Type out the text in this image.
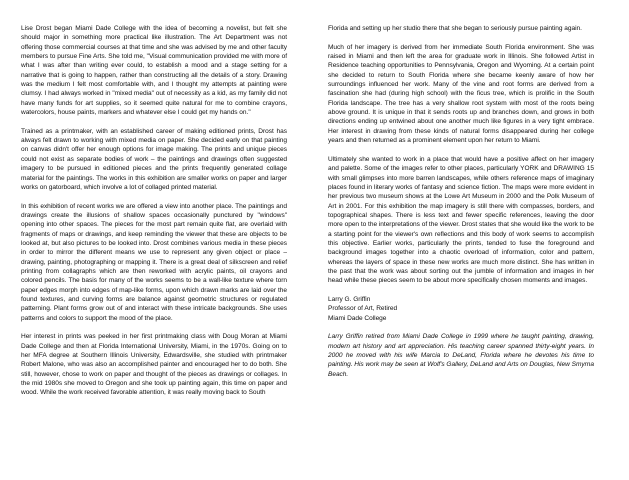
Lise Drost began Miami Dade College with the idea of becoming a novelist, but felt she should major in something more practical like illustration. The Art Department was not offering those commercial courses at that time and she was advised by me and other faculty members to pursue Fine Arts. She told me, "Visual communication provided me with more of what I was after than writing ever could, to establish a mood and a stage setting for a narrative that is going to happen, rather than constructing all the details of a story. Drawing was the medium I felt most comfortable with, and I thought my attempts at painting were clumsy. I had always worked in "mixed media" out of necessity as a kid, as my family did not have many funds for art supplies, so it seemed quite natural for me to combine crayons, watercolors, house paints, markers and whatever else I could get my hands on."

Trained as a printmaker, with an established career of making editioned prints, Drost has always felt drawn to working with mixed media on paper. She decided early on that painting on canvas didn't offer her enough options for image making. The prints and unique pieces could not exist as separate bodies of work – the paintings and drawings often suggested imagery to be pursued in editioned pieces and the prints frequently generated collage material for the paintings. The works in this exhibition are smaller works on paper and larger works on gatorboard, which involve a lot of collaged printed material.

In this exhibition of recent works we are offered a view into another place. The paintings and drawings create the illusions of shallow spaces occasionally punctured by "windows" opening into other spaces. The pieces for the most part remain quite flat, are overlaid with fragments of maps or drawings, and keep reminding the viewer that these are objects to be looked at, but also pictures to be looked into. Drost combines various media in these pieces in order to mirror the different means we use to represent any given object or place – drawing, painting, photographing or mapping it. There is a great deal of silkscreen and relief printing from collagraphs which are then reworked with acrylic paints, oil crayons and colored pencils. The basis for many of the works seems to be a wall-like texture where torn paper edges morph into edges of map-like forms, upon which drawn marks are laid over the found textures, and curving forms are balance against geometric structures or regulated patterning. Plant forms grow out of and interact with these intricate backgrounds. She uses patterns and colors to support the mood of the place.

Her interest in prints was peeked in her first printmaking class with Doug Moran at Miami Dade College and then at Florida International University, Miami, in the 1970s. Going on to her MFA degree at Southern Illinois University, Edwardsville, she studied with printmaker Robert Malone, who was also an accomplished painter and encouraged her to do both. She still, however, chose to work on paper and thought of the pieces as drawings or collages. In the mid 1980s she moved to Oregon and she took up painting again, this time on paper and wood. While the work received favorable attention, it was really moving back to South

Florida and setting up her studio there that she began to seriously pursue painting again.

Much of her imagery is derived from her immediate South Florida environment. She was raised in Miami and then left the area for graduate work in Illinois. She followed Artist in Residence teaching opportunities to Pennsylvania, Oregon and Wyoming. At a certain point she decided to return to South Florida where she became keenly aware of how her surroundings influenced her work. Many of the vine and root forms are derived from a fascination she had (during high school) with the ficus tree, which is prolific in the South Florida landscape. The tree has a very shallow root system with most of the roots being above ground. It is unique in that it sends roots up and branches down, and grows in both directions ending up entwined about one another much like figures in a very tight embrace. Her interest in drawing from these kinds of natural forms disappeared during her college years and then returned as a prominent element upon her return to Miami.

Ultimately she wanted to work in a place that would have a positive affect on her imagery and palette. Some of the images refer to other places, particularly YORK and DRAWING 15 with small glimpses into more barren landscapes, while others reference maps of imaginary places found in literary works of fantasy and science fiction. The maps were more evident in her previous two museum shows at the Lowe Art Museum in 2000 and the Polk Museum of Art in 2001. For this exhibition the map imagery is still there with compasses, borders, and topographical shapes. There is less text and fewer specific references, leaving the door more open to the interpretations of the viewer. Drost states that she would like the work to be a starting point for the viewer's own reflections and this body of work seems to accomplish this objective. Earlier works, particularly the prints, tended to fuse the foreground and background images together into a chaotic overload of information, color and pattern, whereas the layers of space in these new works are much more distinct. She has written in the past that the work was about sorting out the jumble of information and images in her head while these pieces seem to be about more specifically chosen moments and images.

Larry G. Griffin
Professor of Art, Retired
Miami Dade College

Larry Griffin retired from Miami Dade College in 1999 where he taught painting, drawing, modern art history and art appreciation. His teaching career spanned thirty-eight years. In 2000 he moved with his wife Marcia to DeLand, Florida where he devotes his time to painting. His work may be seen at Wolf's Gallery, DeLand and Arts on Douglas, New Smyrna Beach.
